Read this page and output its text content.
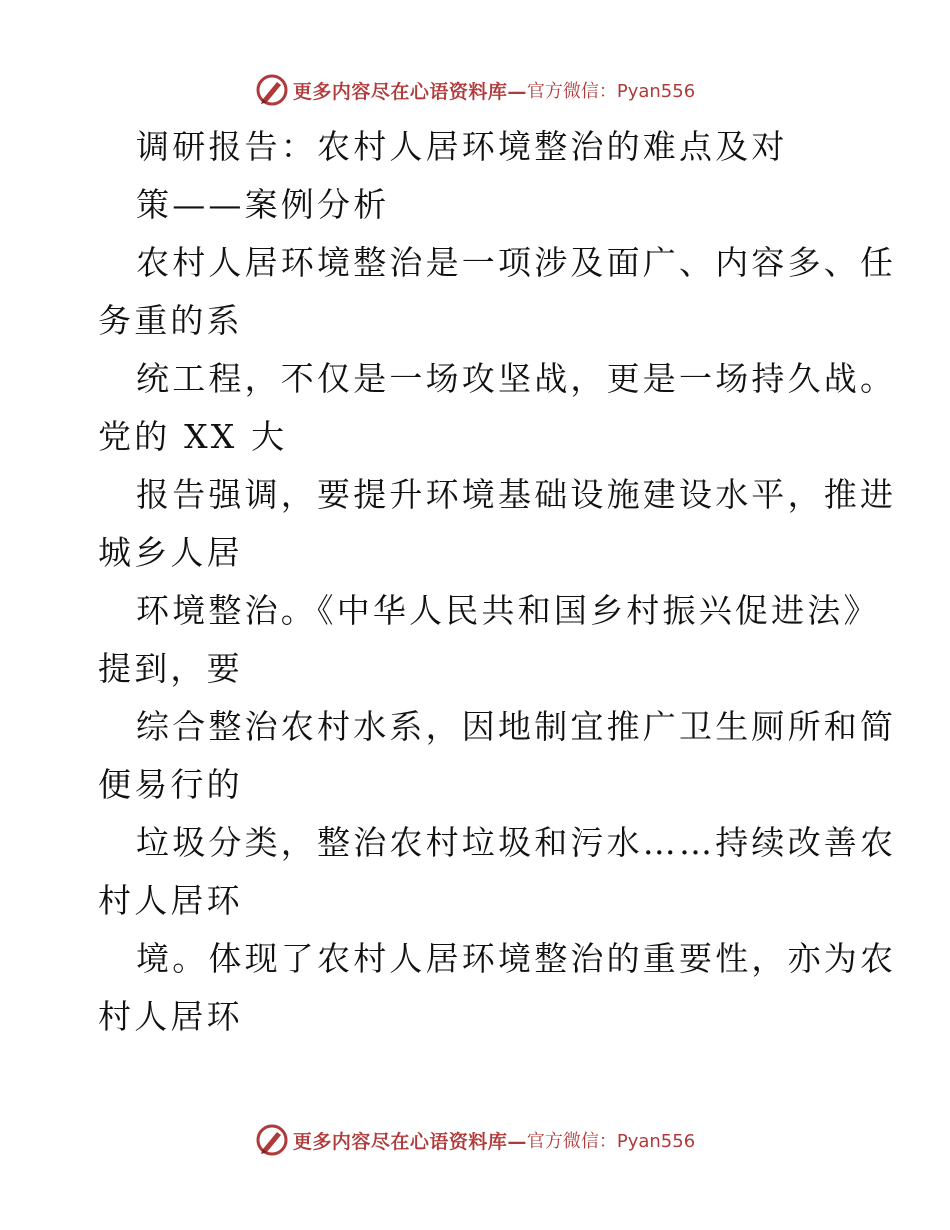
更多内容尽在心语资料库— 官方微信：Pyan556
调研报告：农村人居环境整治的难点及对
策——案例分析
农村人居环境整治是一项涉及面广、内容多、任
务重的系
统工程，不仅是一场攻坚战，更是一场持久战。
党的 XX 大
报告强调，要提升环境基础设施建设水平，推进
城乡人居
环境整治。《中华人民共和国乡村振兴促进法》
提到，要
综合整治农村水系，因地制宜推广卫生厕所和简
便易行的
垃圾分类，整治农村垃圾和污水……持续改善农
村人居环
境。体现了农村人居环境整治的重要性，亦为农
村人居环
更多内容尽在心语资料库— 官方微信：Pyan556
